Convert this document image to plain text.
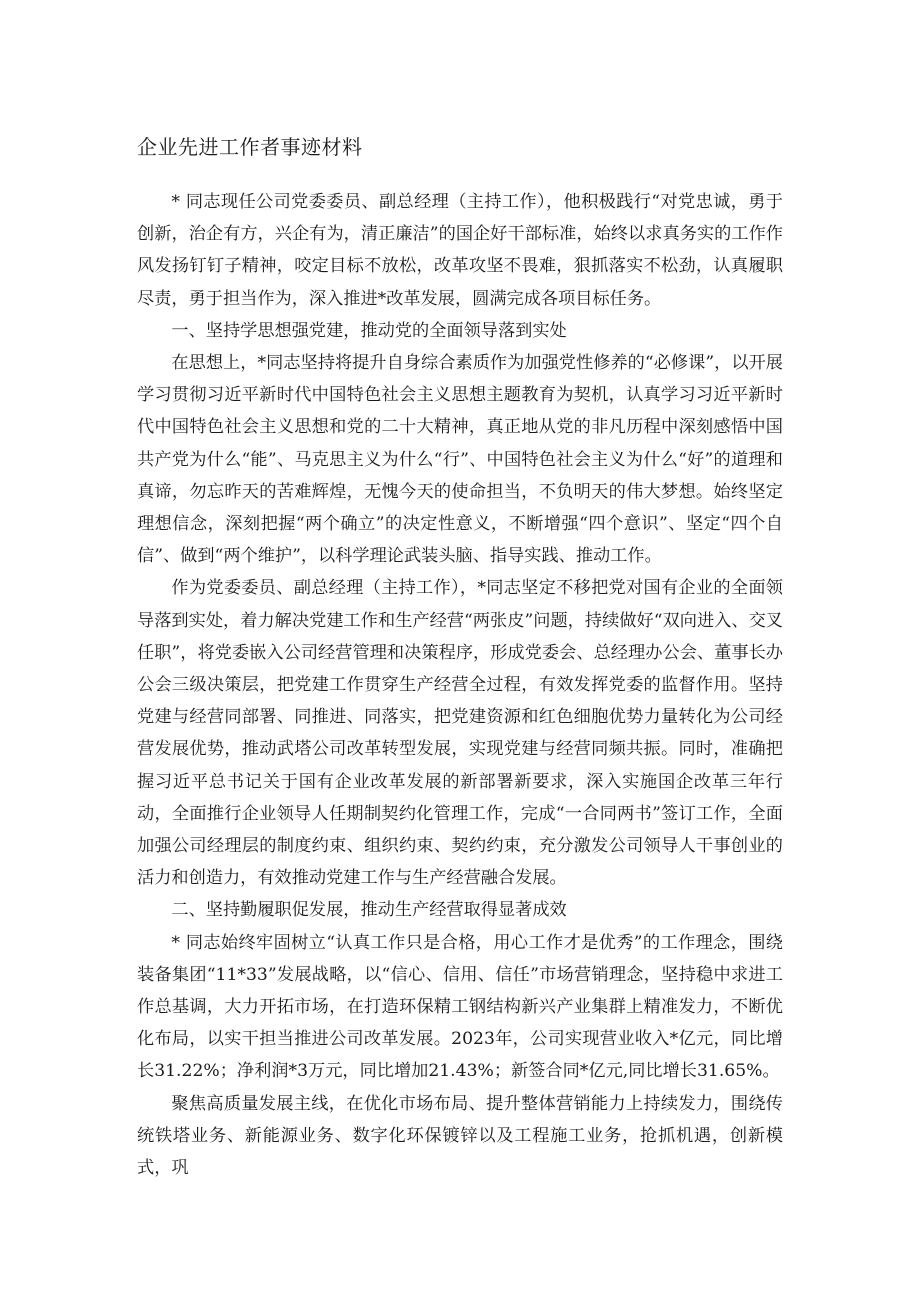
企业先进工作者事迹材料

* 同志现任公司党委委员、副总经理（主持工作），他积极践行“对党忠诚，勇于创新，治企有方，兴企有为，清正廉洁”的国企好干部标准，始终以求真务实的工作作风发扬钉钉子精神，咬定目标不放松，改革攻坚不畏难，狠抓落实不松劲，认真履职尽责，勇于担当作为，深入推进*改革发展，圆满完成各项目标任务。

一、坚持学思想强党建，推动党的全面领导落到实处

在思想上，*同志坚持将提升自身综合素质作为加强党性修养的“必修课”，以开展学习贯彻习近平新时代中国特色社会主义思想主题教育为契机，认真学习习近平新时代中国特色社会主义思想和党的二十大精神，真正地从党的非凡历程中深刻感悟中国共产党为什么“能”、马克思主义为什么“行”、中国特色社会主义为什么“好”的道理和真谛，勿忘昨天的苦难辉煌，无愧今天的使命担当，不负明天的伟大梦想。始终坚定理想信念，深刻把握“两个确立”的决定性意义，不断增强“四个意识”、坚定“四个自信”、做到“两个维护”，以科学理论武装头脑、指导实践、推动工作。

作为党委委员、副总经理（主持工作），*同志坚定不移把党对国有企业的全面领导落到实处，着力解决党建工作和生产经营“两张皮”问题，持续做好“双向进入、交叉任职”，将党委嵌入公司经营管理和决策程序，形成党委会、总经理办公会、董事长办公会三级决策层，把党建工作贯穿生产经营全过程，有效发挥党委的监督作用。坚持党建与经营同部署、同推进、同落实，把党建资源和红色细胞优势力量转化为公司经营发展优势，推动武塔公司改革转型发展，实现党建与经营同频共振。同时，准确把握习近平总书记关于国有企业改革发展的新部署新要求，深入实施国企改革三年行动，全面推行企业领导人任期制契约化管理工作，完成“一合同两书”签订工作，全面加强公司经理层的制度约束、组织约束、契约约束，充分激发公司领导人干事创业的活力和创造力，有效推动党建工作与生产经营融合发展。

二、坚持勤履职促发展，推动生产经营取得显著成效

* 同志始终牢固树立“认真工作只是合格，用心工作才是优秀”的工作理念，围绕装备集团“11*33”发展战略，以“信心、信用、信任”市场营销理念，坚持稳中求进工作总基调，大力开拓市场，在打造环保精工钢结构新兴产业集群上精准发力，不断优化布局，以实干担当推进公司改革发展。2023年，公司实现营业收入*亿元，同比增长31.22%；净利润*3万元，同比增加21.43%；新签合同*亿元,同比增长31.65%。

聚焦高质量发展主线，在优化市场布局、提升整体营销能力上持续发力，围绕传统铁塔业务、新能源业务、数字化环保镀锌以及工程施工业务，抢抓机遇，创新模式，巩
